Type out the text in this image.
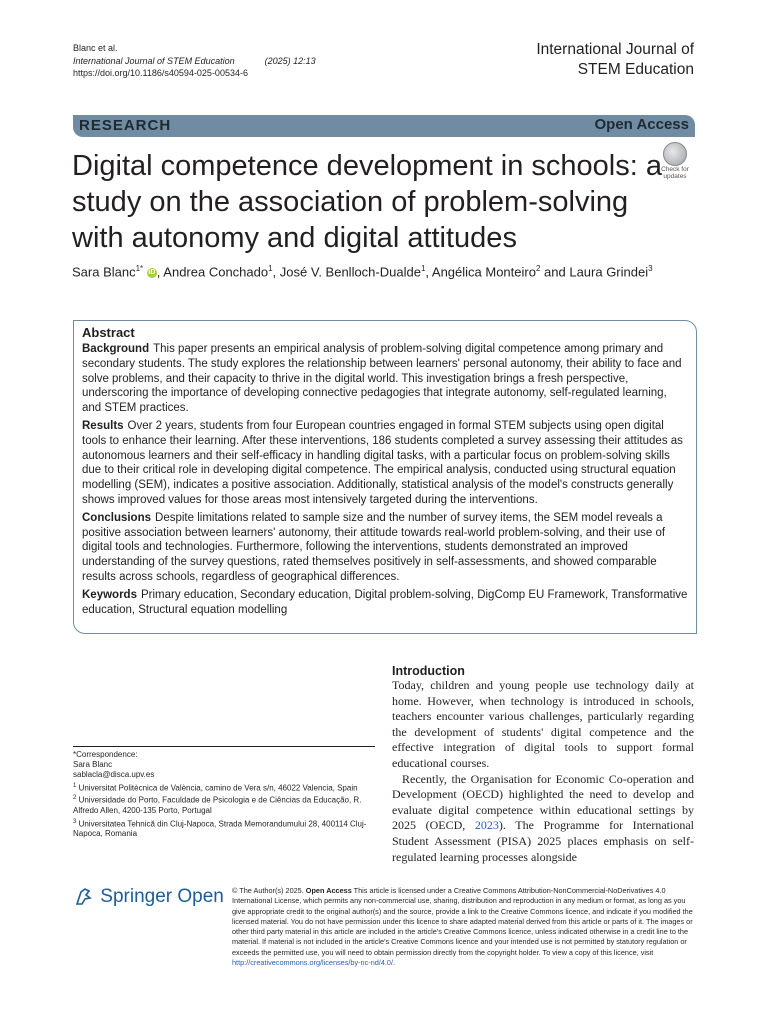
Blanc et al.
International Journal of STEM Education	(2025) 12:13
https://doi.org/10.1186/s40594-025-00534-6
International Journal of
STEM Education
RESEARCH	Open Access
Digital competence development in schools: a study on the association of problem-solving with autonomy and digital attitudes
Check for
updates
Sara Blanc$^{1*}$ iD , Andrea Conchado$^1$, José V. Benlloch-Dualde$^1$, Angélica Monteiro$^2$ and Laura Grindei$^3$
Abstract

Background This paper presents an empirical analysis of problem-solving digital competence among primary and secondary students. The study explores the relationship between learners' personal autonomy, their ability to face and solve problems, and their capacity to thrive in the digital world. This investigation brings a fresh perspective, underscoring the importance of developing connective pedagogies that integrate autonomy, self-regulated learning, and STEM practices.

Results Over 2 years, students from four European countries engaged in formal STEM subjects using open digital tools to enhance their learning. After these interventions, 186 students completed a survey assessing their attitudes as autonomous learners and their self-efficacy in handling digital tasks, with a particular focus on problem-solving skills due to their critical role in developing digital competence. The empirical analysis, conducted using structural equation modelling (SEM), indicates a positive association. Additionally, statistical analysis of the model's constructs generally shows improved values for those areas most intensively targeted during the interventions.

Conclusions Despite limitations related to sample size and the number of survey items, the SEM model reveals a positive association between learners' autonomy, their attitude towards real-world problem-solving, and their use of digital tools and technologies. Furthermore, following the interventions, students demonstrated an improved understanding of the survey questions, rated themselves positively in self-assessments, and showed comparable results across schools, regardless of geographical differences.

Keywords Primary education, Secondary education, Digital problem-solving, DigComp EU Framework, Transformative education, Structural equation modelling

*Correspondence:

Sara Blanc

sablacla@disca.upv.es

$^1$ Universitat Politècnica de València, camino de Vera s/n, 46022 Valencia, Spain

$^2$ Universidade do Porto, Faculdade de Psicologia e de Ciências da Educação, R. Alfredo Allen, 4200-135 Porto, Portugal

$^3$ Universitatea Tehnică din Cluj-Napoca, Strada Memorandumului 28, 400114 Cluj-Napoca, Romania

Introduction

Today, children and young people use technology daily at home. However, when technology is introduced in schools, teachers encounter various challenges, particularly regarding the development of students' digital competence and the effective integration of digital tools to support formal educational courses.

Recently, the Organisation for Economic Co-operation and Development (OECD) highlighted the need to develop and evaluate digital competence within educational settings by 2025 (OECD, 2023). The Programme for International Student Assessment (PISA) 2025 places emphasis on self-regulated learning processes alongside

Springer Open © The Author(s) 2025. Open Access This article is licensed under a Creative Commons Attribution-NonCommercial-NoDerivatives 4.0 International License, which permits any non-commercial use, sharing, distribution and reproduction in any medium or format, as long as you give appropriate credit to the original author(s) and the source, provide a link to the Creative Commons licence, and indicate if you modified the licensed material. You do not have permission under this licence to share adapted material derived from this article or parts of it. The images or other third party material in this article are included in the article's Creative Commons licence, unless indicated otherwise in a credit line to the material. If material is not included in the article's Creative Commons licence and your intended use is not permitted by statutory regulation or exceeds the permitted use, you will need to obtain permission directly from the copyright holder. To view a copy of this licence, visit http://creativecommons.org/licenses/by-nc-nd/4.0/.
